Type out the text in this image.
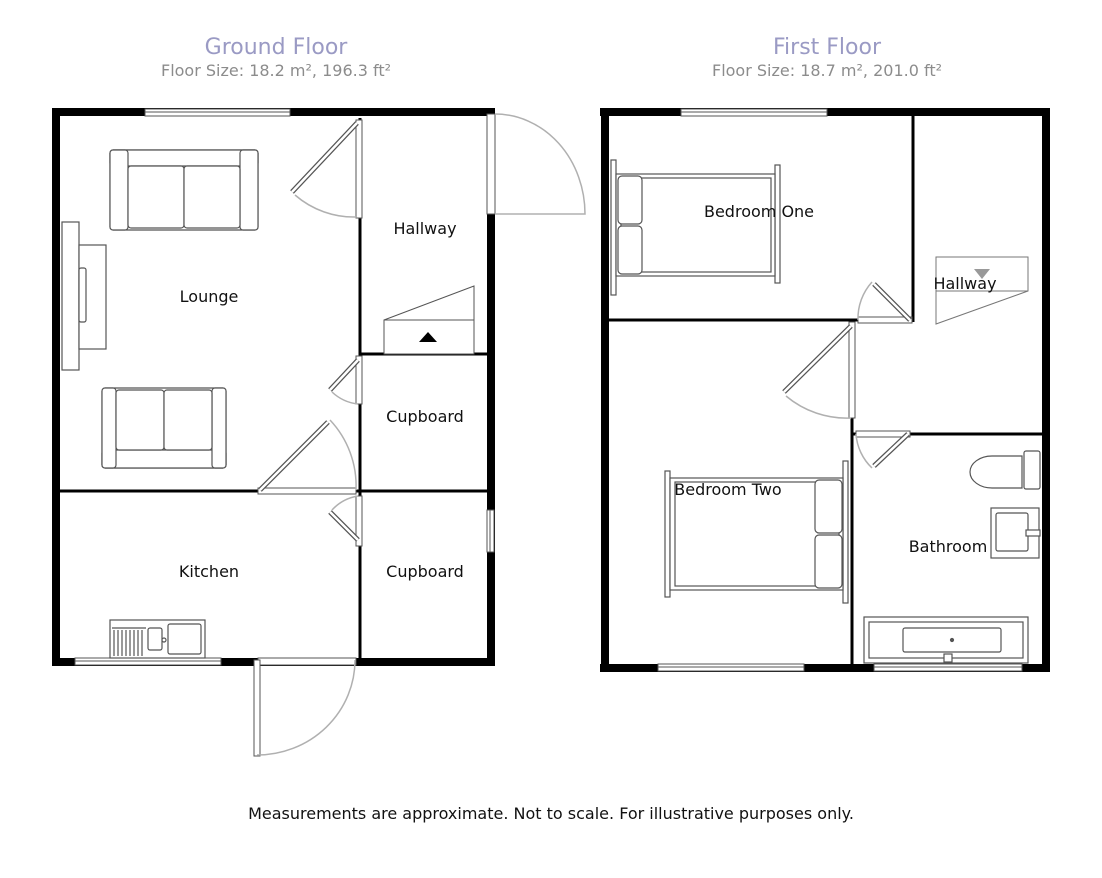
Ground Floor
Floor Size: 18.2 m², 196.3 ft²
First Floor
Floor Size: 18.7 m², 201.0 ft²
Lounge
Hallway
Cupboard
Kitchen	Cupboard
Bedroom One
Hallway
Bedroom Two
Bathroom
Measurements are approximate. Not to scale. For illustrative purposes only.
